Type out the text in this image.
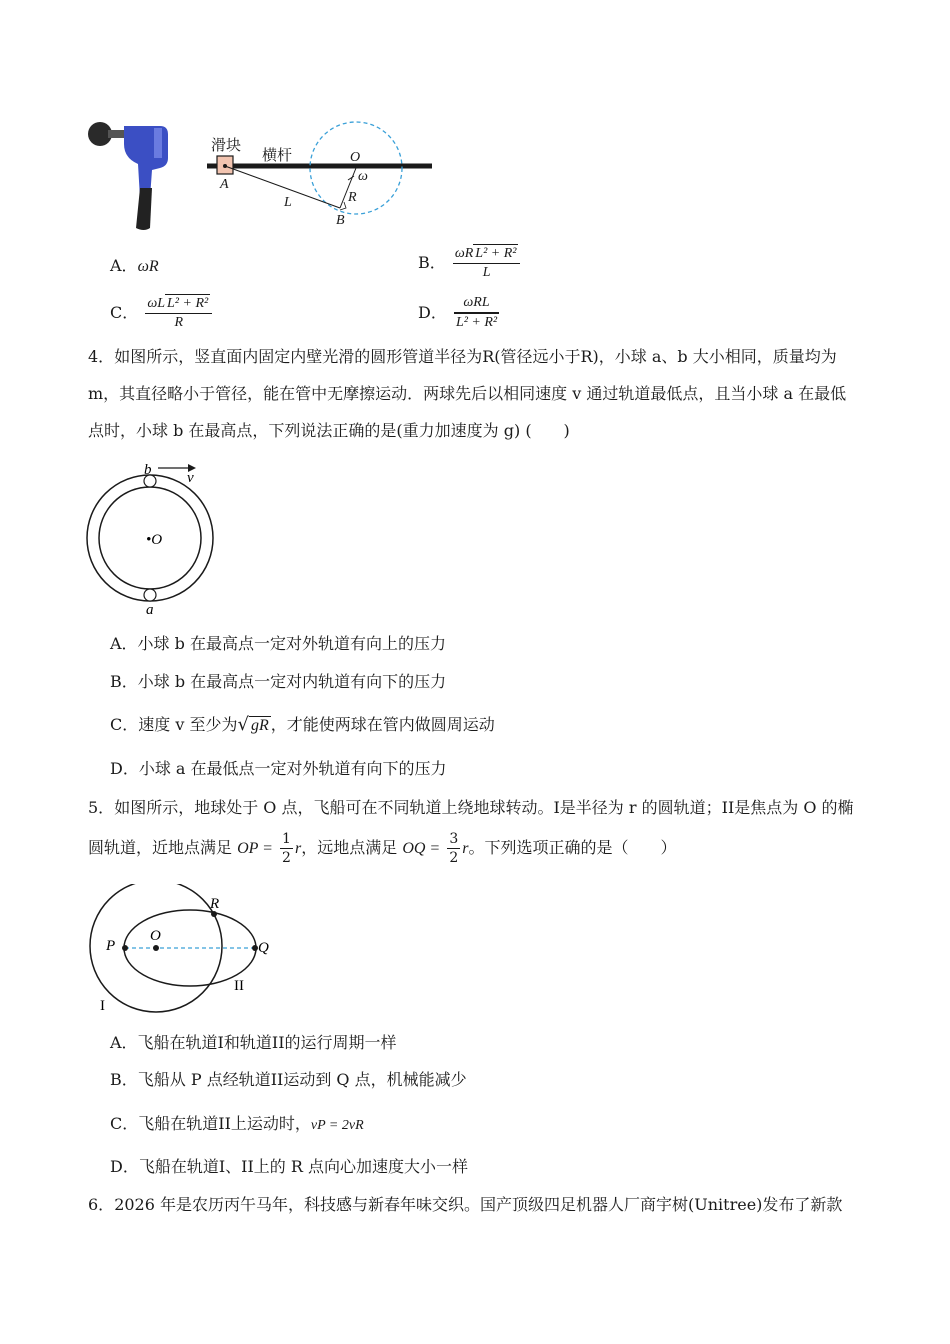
滑块
横杆
A
O
ω
L	R
B
A．ωR	B． $\frac{\text{ωR L² + R²}}{L}$
C． $\frac{\text{ωL L² + R²}}{R}$	D． $\frac{\text{ωRL}}{\text{L² + R²}}$
4．如图所示，竖直面内固定内壁光滑的圆形管道半径为R(管径远小于R)，小球 a、b 大小相同，质量均为
m，其直径略小于管径，能在管中无摩擦运动．两球先后以相同速度 v 通过轨道最低点，且当小球 a 在最低
点时，小球 b 在最高点，下列说法正确的是(重力加速度为 g) (　　)
b v
•O
a
A．小球 b 在最高点一定对外轨道有向上的压力
B．小球 b 在最高点一定对内轨道有向下的压力
C．速度 v 至少为√ gR ，才能使两球在管内做圆周运动
D．小球 a 在最低点一定对外轨道有向下的压力
5．如图所示，地球处于 O 点，飞船可在不同轨道上绕地球转动。I是半径为 r 的圆轨道；II是焦点为 O 的椭
圆轨道，近地点满足 OP = $\frac{1}{2}$ r，远地点满足 OQ = $\frac{3}{2}$ r。下列选项正确的是（　　）
P
O
R
Q
I
II
A．飞船在轨道I和轨道II的运行周期一样
B．飞船从 P 点经轨道II运动到 Q 点，机械能减少
C．飞船在轨道II上运动时，vP = 2vR
D．飞船在轨道I、II上的 R 点向心加速度大小一样
6．2026 年是农历丙午马年，科技感与新春年味交织。国产顶级四足机器人厂商宇树(Unitree)发布了新款
